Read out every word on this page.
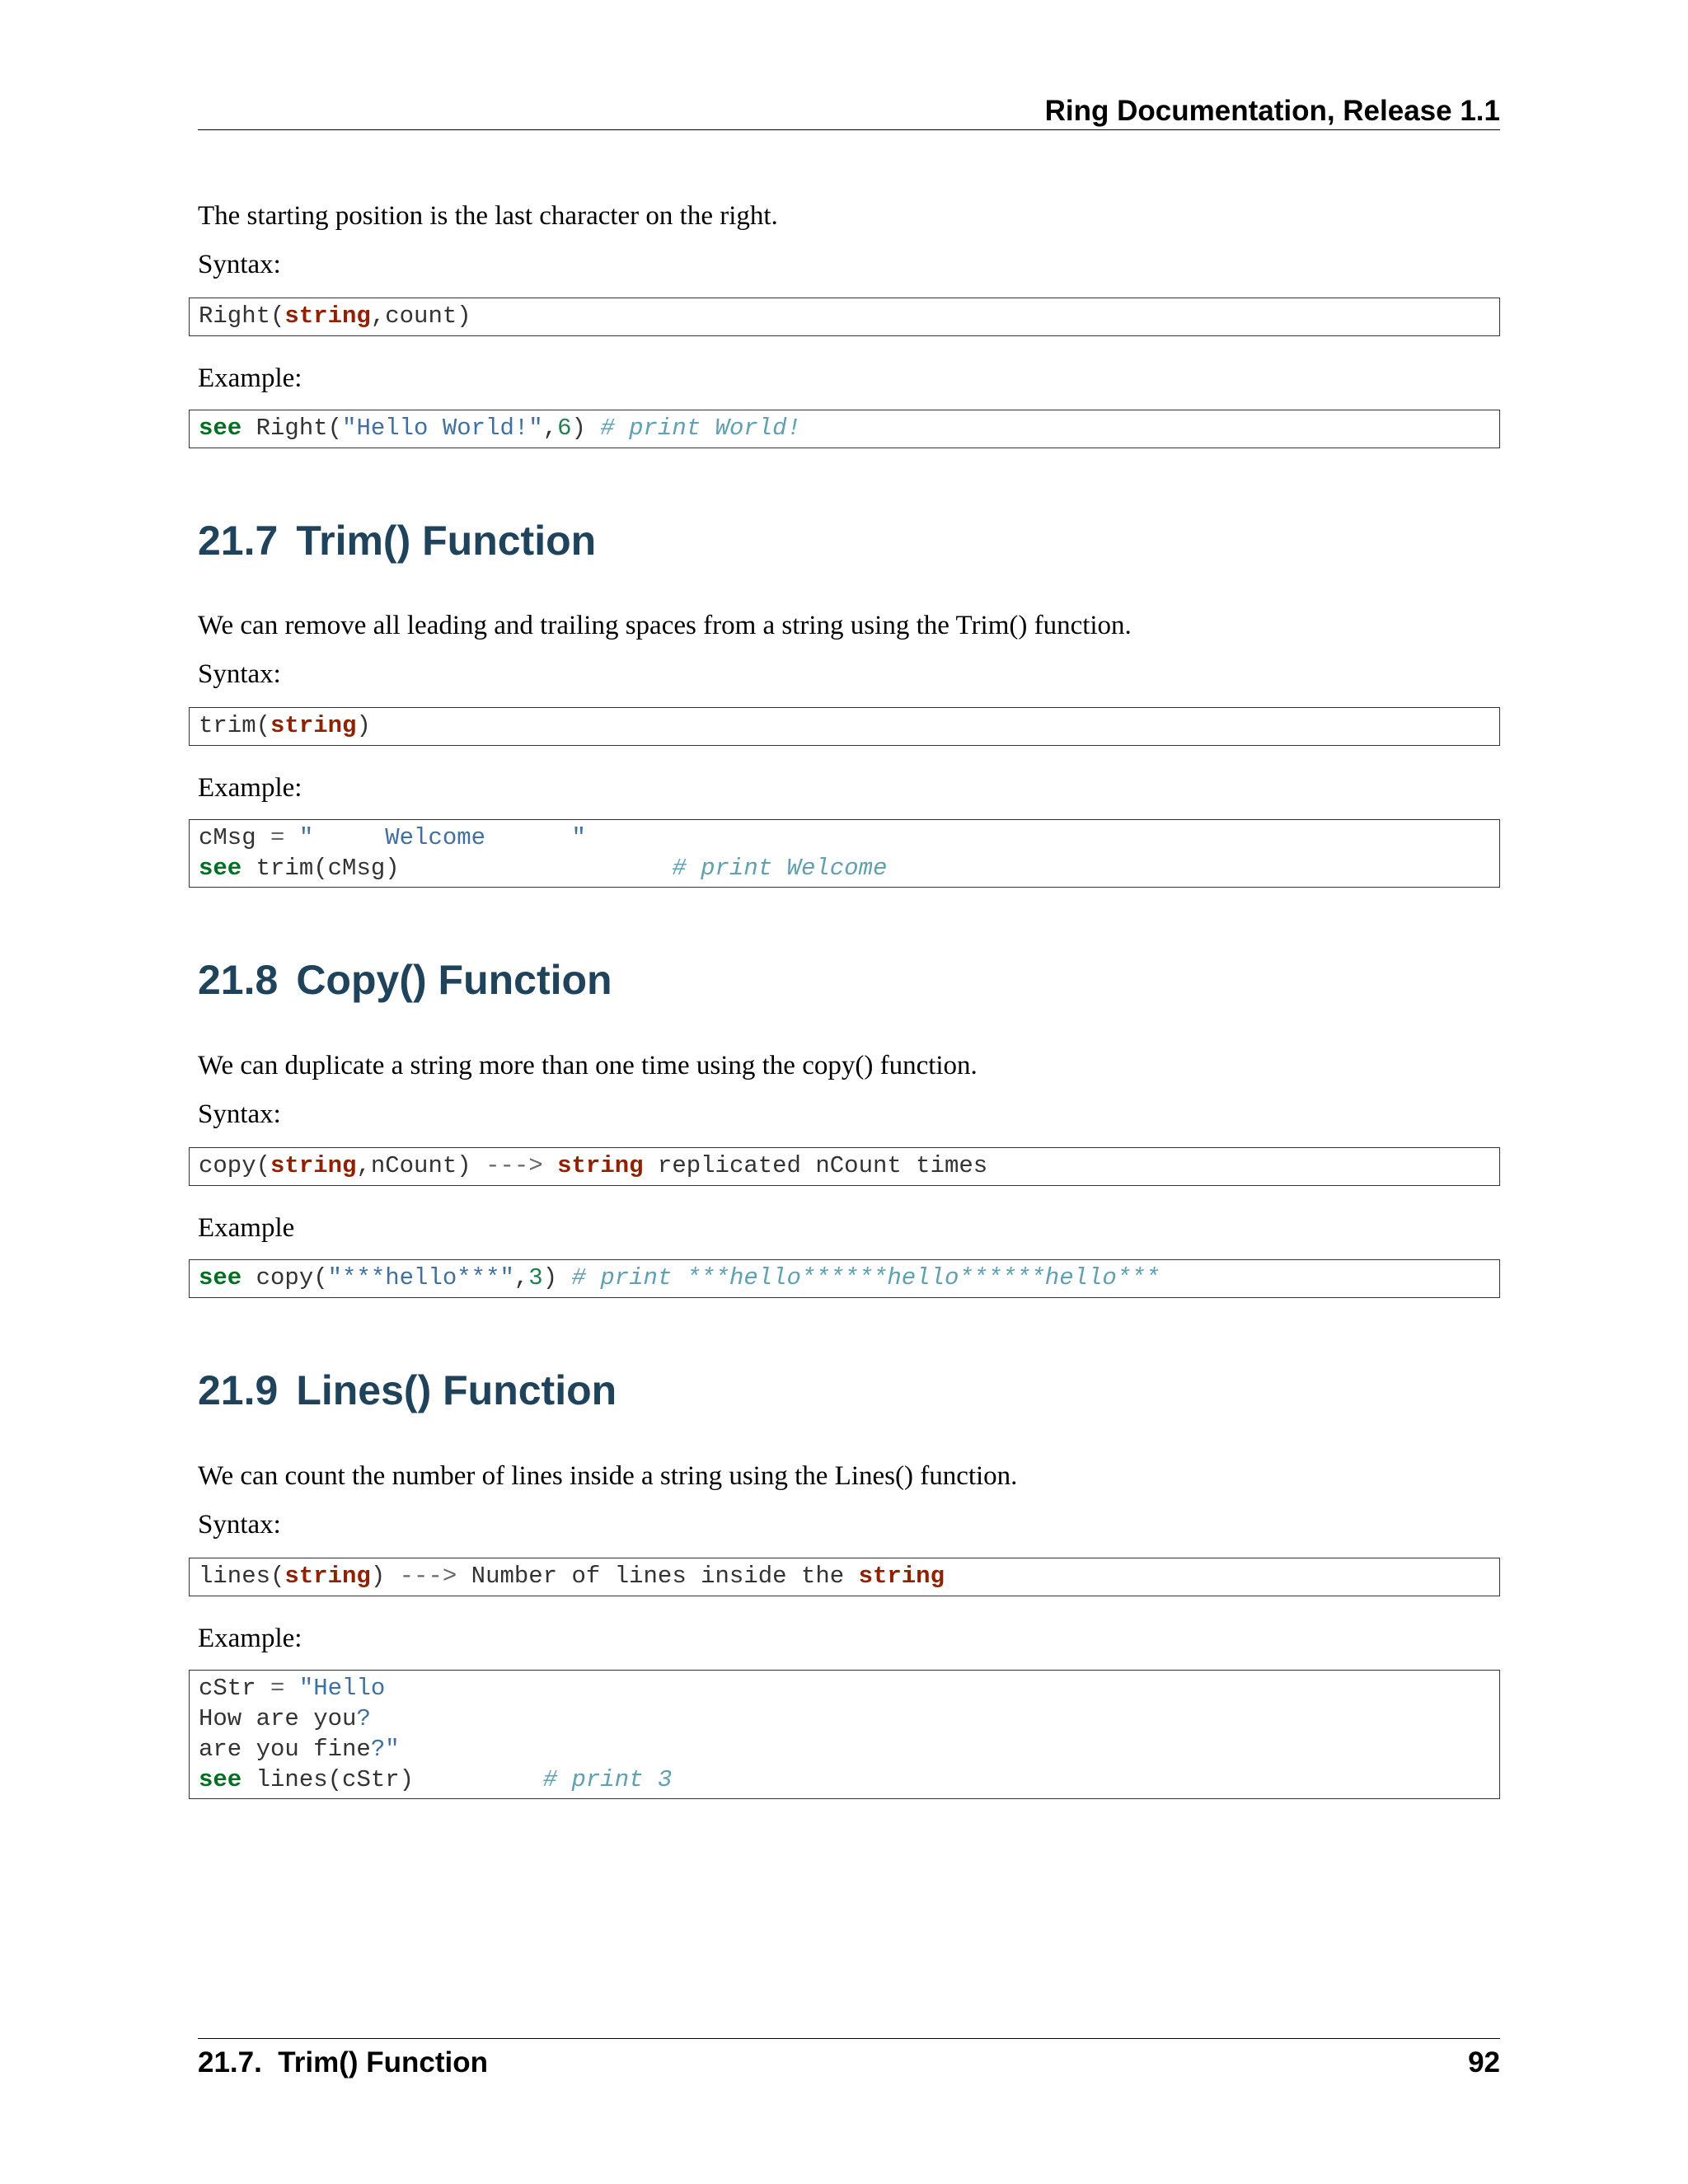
Ring Documentation, Release 1.1
The starting position is the last character on the right.
Syntax:
Right(string,count)
Example:
see Right("Hello World!",6) # print World!
21.7 Trim() Function
We can remove all leading and trailing spaces from a string using the Trim() function.
Syntax:
trim(string)
Example:
cMsg = "     Welcome      "
see trim(cMsg)                   # print Welcome
21.8 Copy() Function
We can duplicate a string more than one time using the copy() function.
Syntax:
copy(string,nCount) ---> string replicated nCount times
Example
see copy("***hello***",3) # print ***hello******hello******hello***
21.9 Lines() Function
We can count the number of lines inside a string using the Lines() function.
Syntax:
lines(string) ---> Number of lines inside the string
Example:
cStr = "Hello
How are you?
are you fine?"
see lines(cStr)         # print 3
21.7.  Trim() Function	92
